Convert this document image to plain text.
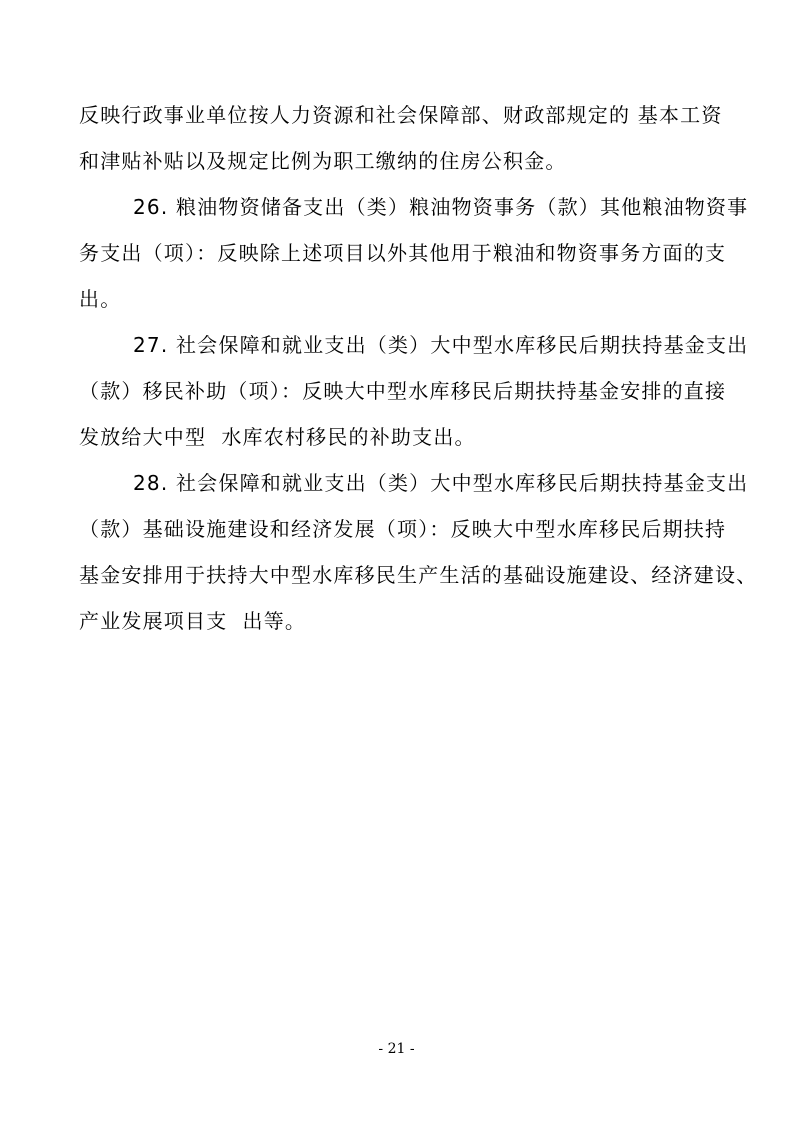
反映行政事业单位按人力资源和社会保障部、财政部规定的 基本工资
和津贴补贴以及规定比例为职工缴纳的住房公积金。
26. 粮油物资储备支出（类）粮油物资事务（款）其他粮油物资事
务支出（项）：反映除上述项目以外其他用于粮油和物资事务方面的支
出。
27. 社会保障和就业支出（类）大中型水库移民后期扶持基金支出
（款）移民补助（项）：反映大中型水库移民后期扶持基金安排的直接
发放给大中型  水库农村移民的补助支出。
28. 社会保障和就业支出（类）大中型水库移民后期扶持基金支出
（款）基础设施建设和经济发展（项）：反映大中型水库移民后期扶持
基金安排用于扶持大中型水库移民生产生活的基础设施建设、经济建设、
产业发展项目支  出等。
- 21 -
